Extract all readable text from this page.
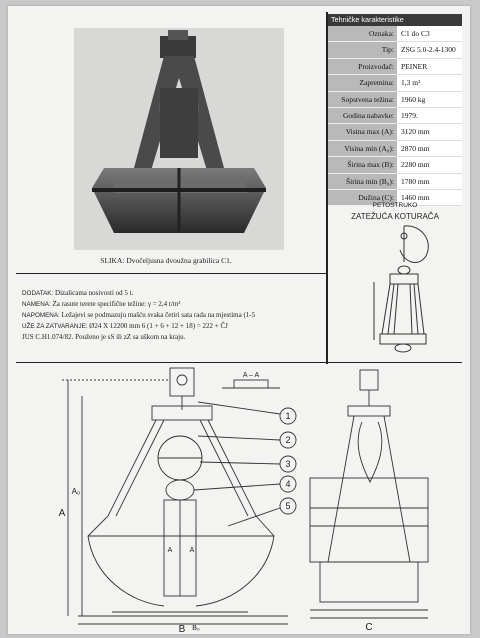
SLIKA: Dvočeljusna dvoužna grabilica C1.
Tehničke karakteristike
Oznaka: C1 do C3
Tip: ZSG 5.0-2.4-1300
Proizvođač: PEINER
Zapremina: 1,3 m³
Sopstvena težina: 1960 kg
Godina nabavke: 1979.
Visina max (A): 3120 mm
Visina min (A₀): 2870 mm
Širina max (B): 2280 mm
Širina min (B₀): 1780 mm
Dužina (C): 1460 mm
PETOSTRUKO
ZATEŽUĆA KOTURAČA
DODATAK: Dizalicama nosivosti od 5 t.
NAMENA: Za rasute terete specifične težine: γ = 2,4 t/m³
NAPOMENA: Ležajevi se podmazuju mašću svaka četiri sata rada na mjestima (1-5
UŽE ZA ZATVARANJE: Ø24 X 12200 mm 6 (1 + 6 + 12 + 18) = 222 + ČJ
JUS C.H1.074/82. Použeno je sS ili zZ sa uškom na kraju.
1
2
3
4
5
A – A
A
A₀
B B₀	C
A A
